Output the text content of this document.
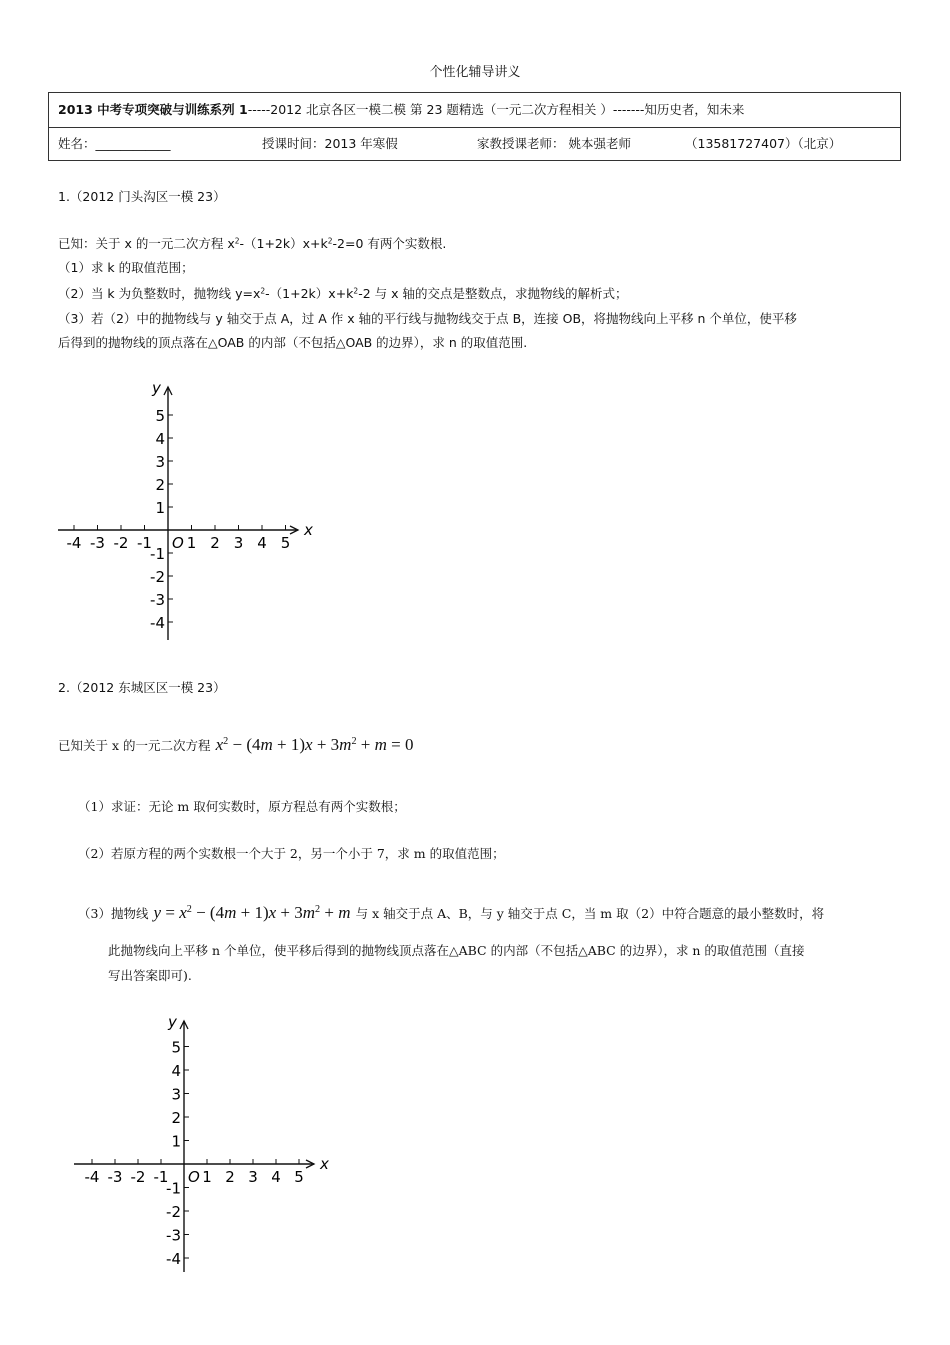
个性化辅导讲义
2013 中考专项突破与训练系列 1-----2012 北京各区一模二模 第 23 题精选（一元二次方程相关 ）-------知历史者，知未来
姓名：____________	授课时间：2013 年寒假	家教授课老师： 姚本强老师	（13581727407）（北京）
1.（2012 门头沟区一模 23）
已知：关于 x 的一元二次方程 $x^2-(1+2k)x+k^2-2=0$ 有两个实数根.
（1）求 k 的取值范围；
（2）当 k 为负整数时，抛物线 $y=x^2-(1+2k)x+k^2-2$ 与 x 轴的交点是整数点，求抛物线的解析式；
（3）若（2）中的抛物线与 y 轴交于点 A，过 A 作 x 轴的平行线与抛物线交于点 B，连接 OB，将抛物线向上平移 n 个单位，使平移
后得到的抛物线的顶点落在△OAB 的内部（不包括△OAB 的边界），求 n 的取值范围.
-4 -3 -2 -1 1 2 3 4 5
5
4
3
2
1
-1
-2
-3
-4
O
x
y
-4 -3 -2 -1 1 2 3 4 5
5
4
3
2
1
-1
-2
-3
-4
O
x
y
2.（2012 东城区区一模 23）
已知关于 x 的一元二次方程 $x^2 - (4m + 1)x + 3m^2 + m = 0$
（1）求证：无论 m 取何实数时，原方程总有两个实数根；
（2）若原方程的两个实数根一个大于 2，另一个小于 7，求 m 的取值范围；
（3）抛物线 $y = x^2 - (4m + 1)x + 3m^2 + m$ 与 x 轴交于点 A、B，与 y 轴交于点 C，当 m 取（2）中符合题意的最小整数时，将
此抛物线向上平移 n 个单位，使平移后得到的抛物线顶点落在△ABC 的内部（不包括△ABC 的边界），求 n 的取值范围（直接
写出答案即可).
